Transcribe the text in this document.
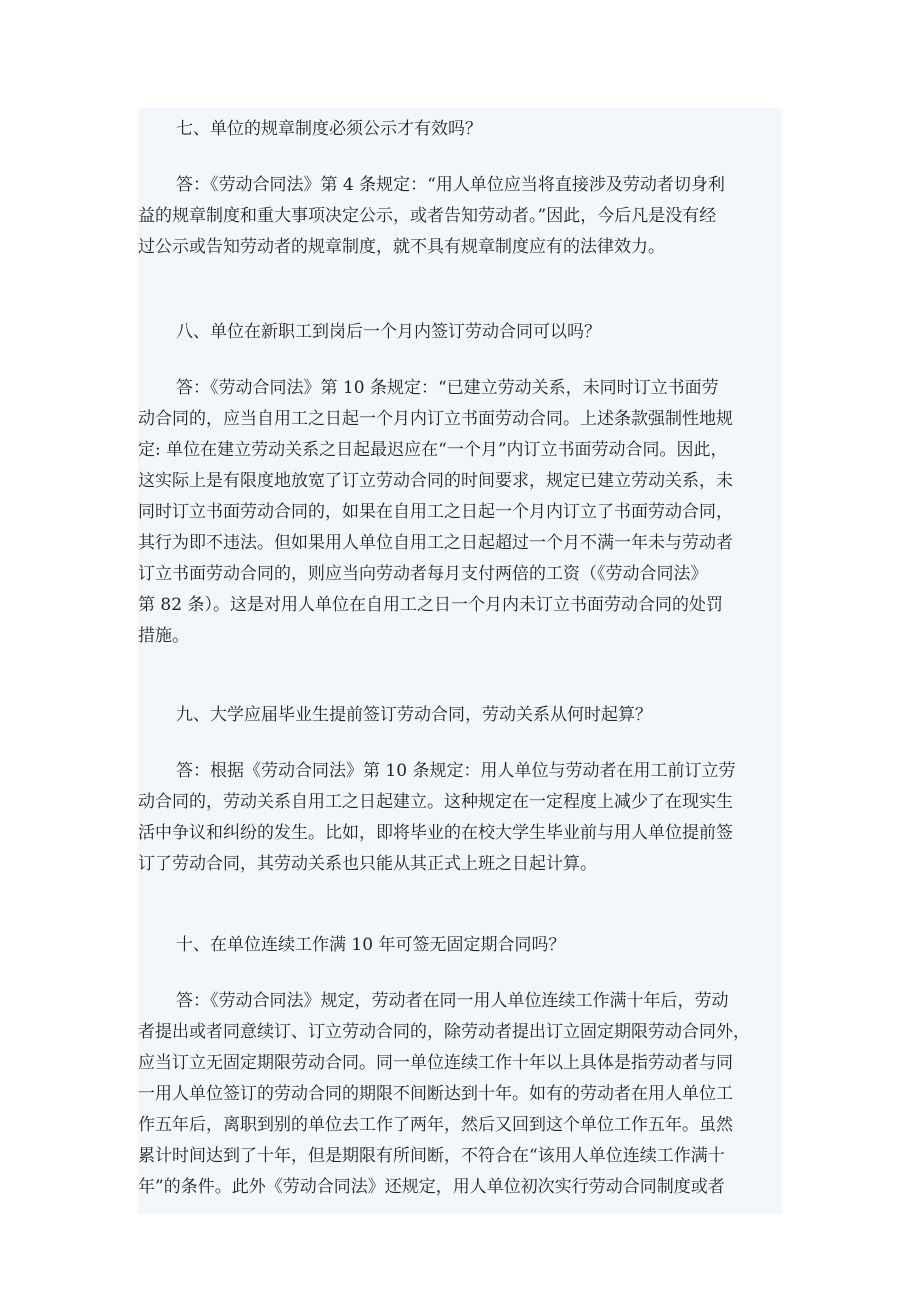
七、单位的规章制度必须公示才有效吗？

答：《劳动合同法》第 4 条规定：“用人单位应当将直接涉及劳动者切身利
益的规章制度和重大事项决定公示，或者告知劳动者。”因此，今后凡是没有经
过公示或告知劳动者的规章制度，就不具有规章制度应有的法律效力。

八、单位在新职工到岗后一个月内签订劳动合同可以吗？

答：《劳动合同法》第 10 条规定：“已建立劳动关系，未同时订立书面劳
动合同的，应当自用工之日起一个月内订立书面劳动合同。上述条款强制性地规
定: 单位在建立劳动关系之日起最迟应在“一个月”内订立书面劳动合同。因此，
这实际上是有限度地放宽了订立劳动合同的时间要求，规定已建立劳动关系，未
同时订立书面劳动合同的，如果在自用工之日起一个月内订立了书面劳动合同，
其行为即不违法。但如果用人单位自用工之日起超过一个月不满一年未与劳动者
订立书面劳动合同的，则应当向劳动者每月支付两倍的工资（《劳动合同法》
第 82 条）。这是对用人单位在自用工之日一个月内未订立书面劳动合同的处罚
措施。

九、大学应届毕业生提前签订劳动合同，劳动关系从何时起算？

答：根据《劳动合同法》第 10 条规定：用人单位与劳动者在用工前订立劳
动合同的，劳动关系自用工之日起建立。这种规定在一定程度上减少了在现实生
活中争议和纠纷的发生。比如，即将毕业的在校大学生毕业前与用人单位提前签
订了劳动合同，其劳动关系也只能从其正式上班之日起计算。

十、在单位连续工作满 10 年可签无固定期合同吗？

答：《劳动合同法》规定，劳动者在同一用人单位连续工作满十年后，劳动
者提出或者同意续订、订立劳动合同的，除劳动者提出订立固定期限劳动合同外，
应当订立无固定期限劳动合同。同一单位连续工作十年以上具体是指劳动者与同
一用人单位签订的劳动合同的期限不间断达到十年。如有的劳动者在用人单位工
作五年后，离职到别的单位去工作了两年，然后又回到这个单位工作五年。虽然
累计时间达到了十年，但是期限有所间断，不符合在“该用人单位连续工作满十
年”的条件。此外《劳动合同法》还规定，用人单位初次实行劳动合同制度或者
